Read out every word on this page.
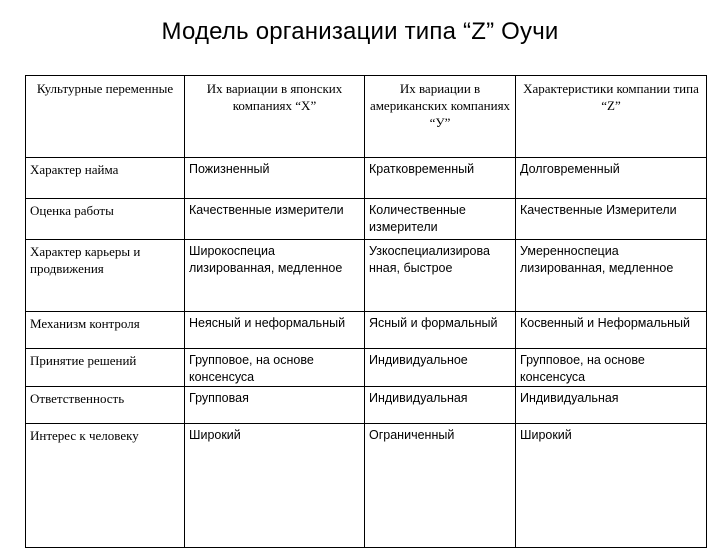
Модель организации типа “Z” Оучи
Культурные переменные	Их вариации в японских компаниях “X”	Их вариации в американских компаниях “У”	Характеристики компании типа “Z”
Характер найма	Пожизненный	Кратковременный	Долговременный
Оценка работы	Качественные измерители	Количественные измерители	Качественные Измерители
Характер карьеры и продвижения	Широкоспециа лизированная, медленное	Узкоспециализирова нная, быстрое	Умеренноспециа лизированная, медленное
Механизм контроля	Неясный и неформальный	Ясный и формальный	Косвенный и Неформальный
Принятие решений	Групповое, на основе консенсуса	Индивидуальное	Групповое, на основе консенсуса
Ответственность	Групповая	Индивидуальная	Индивидуальная
Интерес к человеку	Широкий	Ограниченный	Широкий
